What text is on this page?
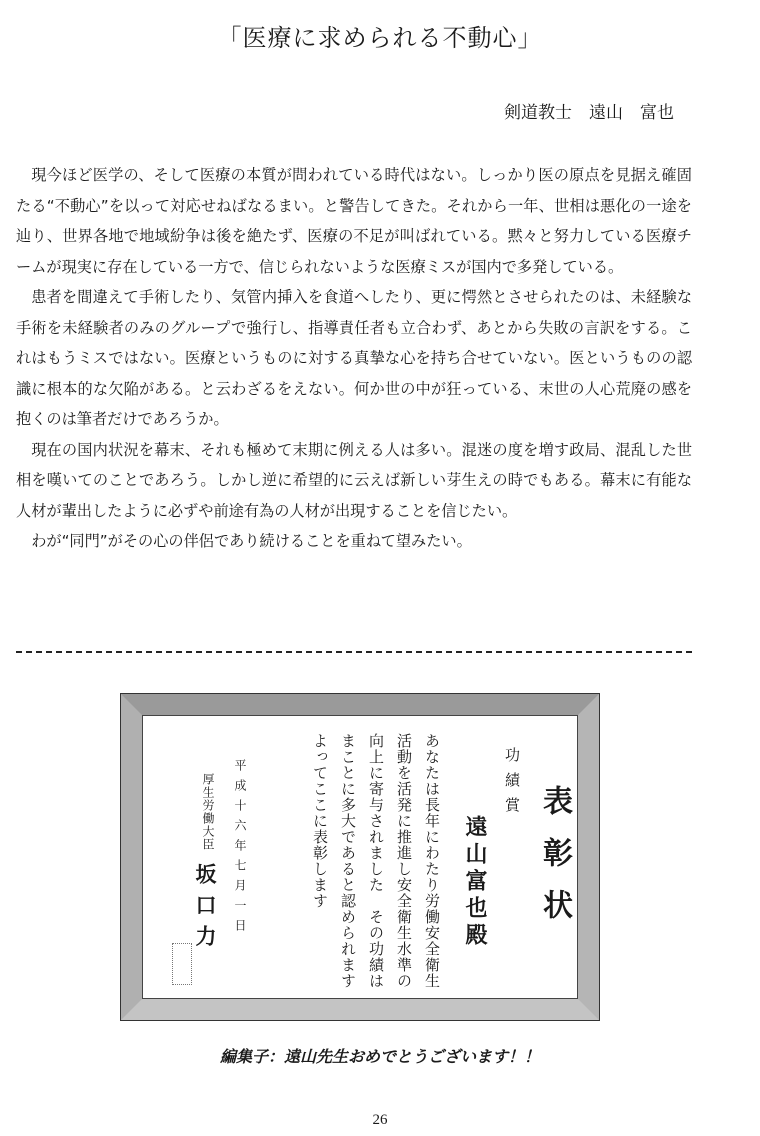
「医療に求められる不動心」
剣道教士　遠山　富也

現今ほど医学の、そして医療の本質が問われている時代はない。しっかり医の原点を見据え確固たる“不動心”を以って対応せねばなるまい。と警告してきた。それから一年、世相は悪化の一途を辿り、世界各地で地域紛争は後を絶たず、医療の不足が叫ばれている。黙々と努力している医療チームが現実に存在している一方で、信じられないような医療ミスが国内で多発している。

患者を間違えて手術したり、気管内挿入を食道へしたり、更に愕然とさせられたのは、未経験な手術を未経験者のみのグループで強行し、指導責任者も立合わず、あとから失敗の言訳をする。これはもうミスではない。医療というものに対する真摯な心を持ち合せていない。医というものの認識に根本的な欠陥がある。と云わざるをえない。何か世の中が狂っている、末世の人心荒廃の感を抱くのは筆者だけであろうか。

現在の国内状況を幕末、それも極めて末期に例える人は多い。混迷の度を増す政局、混乱した世相を嘆いてのことであろう。しかし逆に希望的に云えば新しい芽生えの時でもある。幕末に有能な人材が輩出したように必ずや前途有為の人材が出現することを信じたい。

わが“同門”がその心の伴侶であり続けることを重ねて望みたい。

表彰状
功績賞
遠山富也殿
あなたは長年にわたり労働安全衛生
活動を活発に推進し安全衛生水準の
向上に寄与されました　その功績は
まことに多大であると認められます
よってここに表彰します
平成十六年七月一日
厚生労働大臣
坂口力
編集子：遠山先生おめでとうございます！！
26
